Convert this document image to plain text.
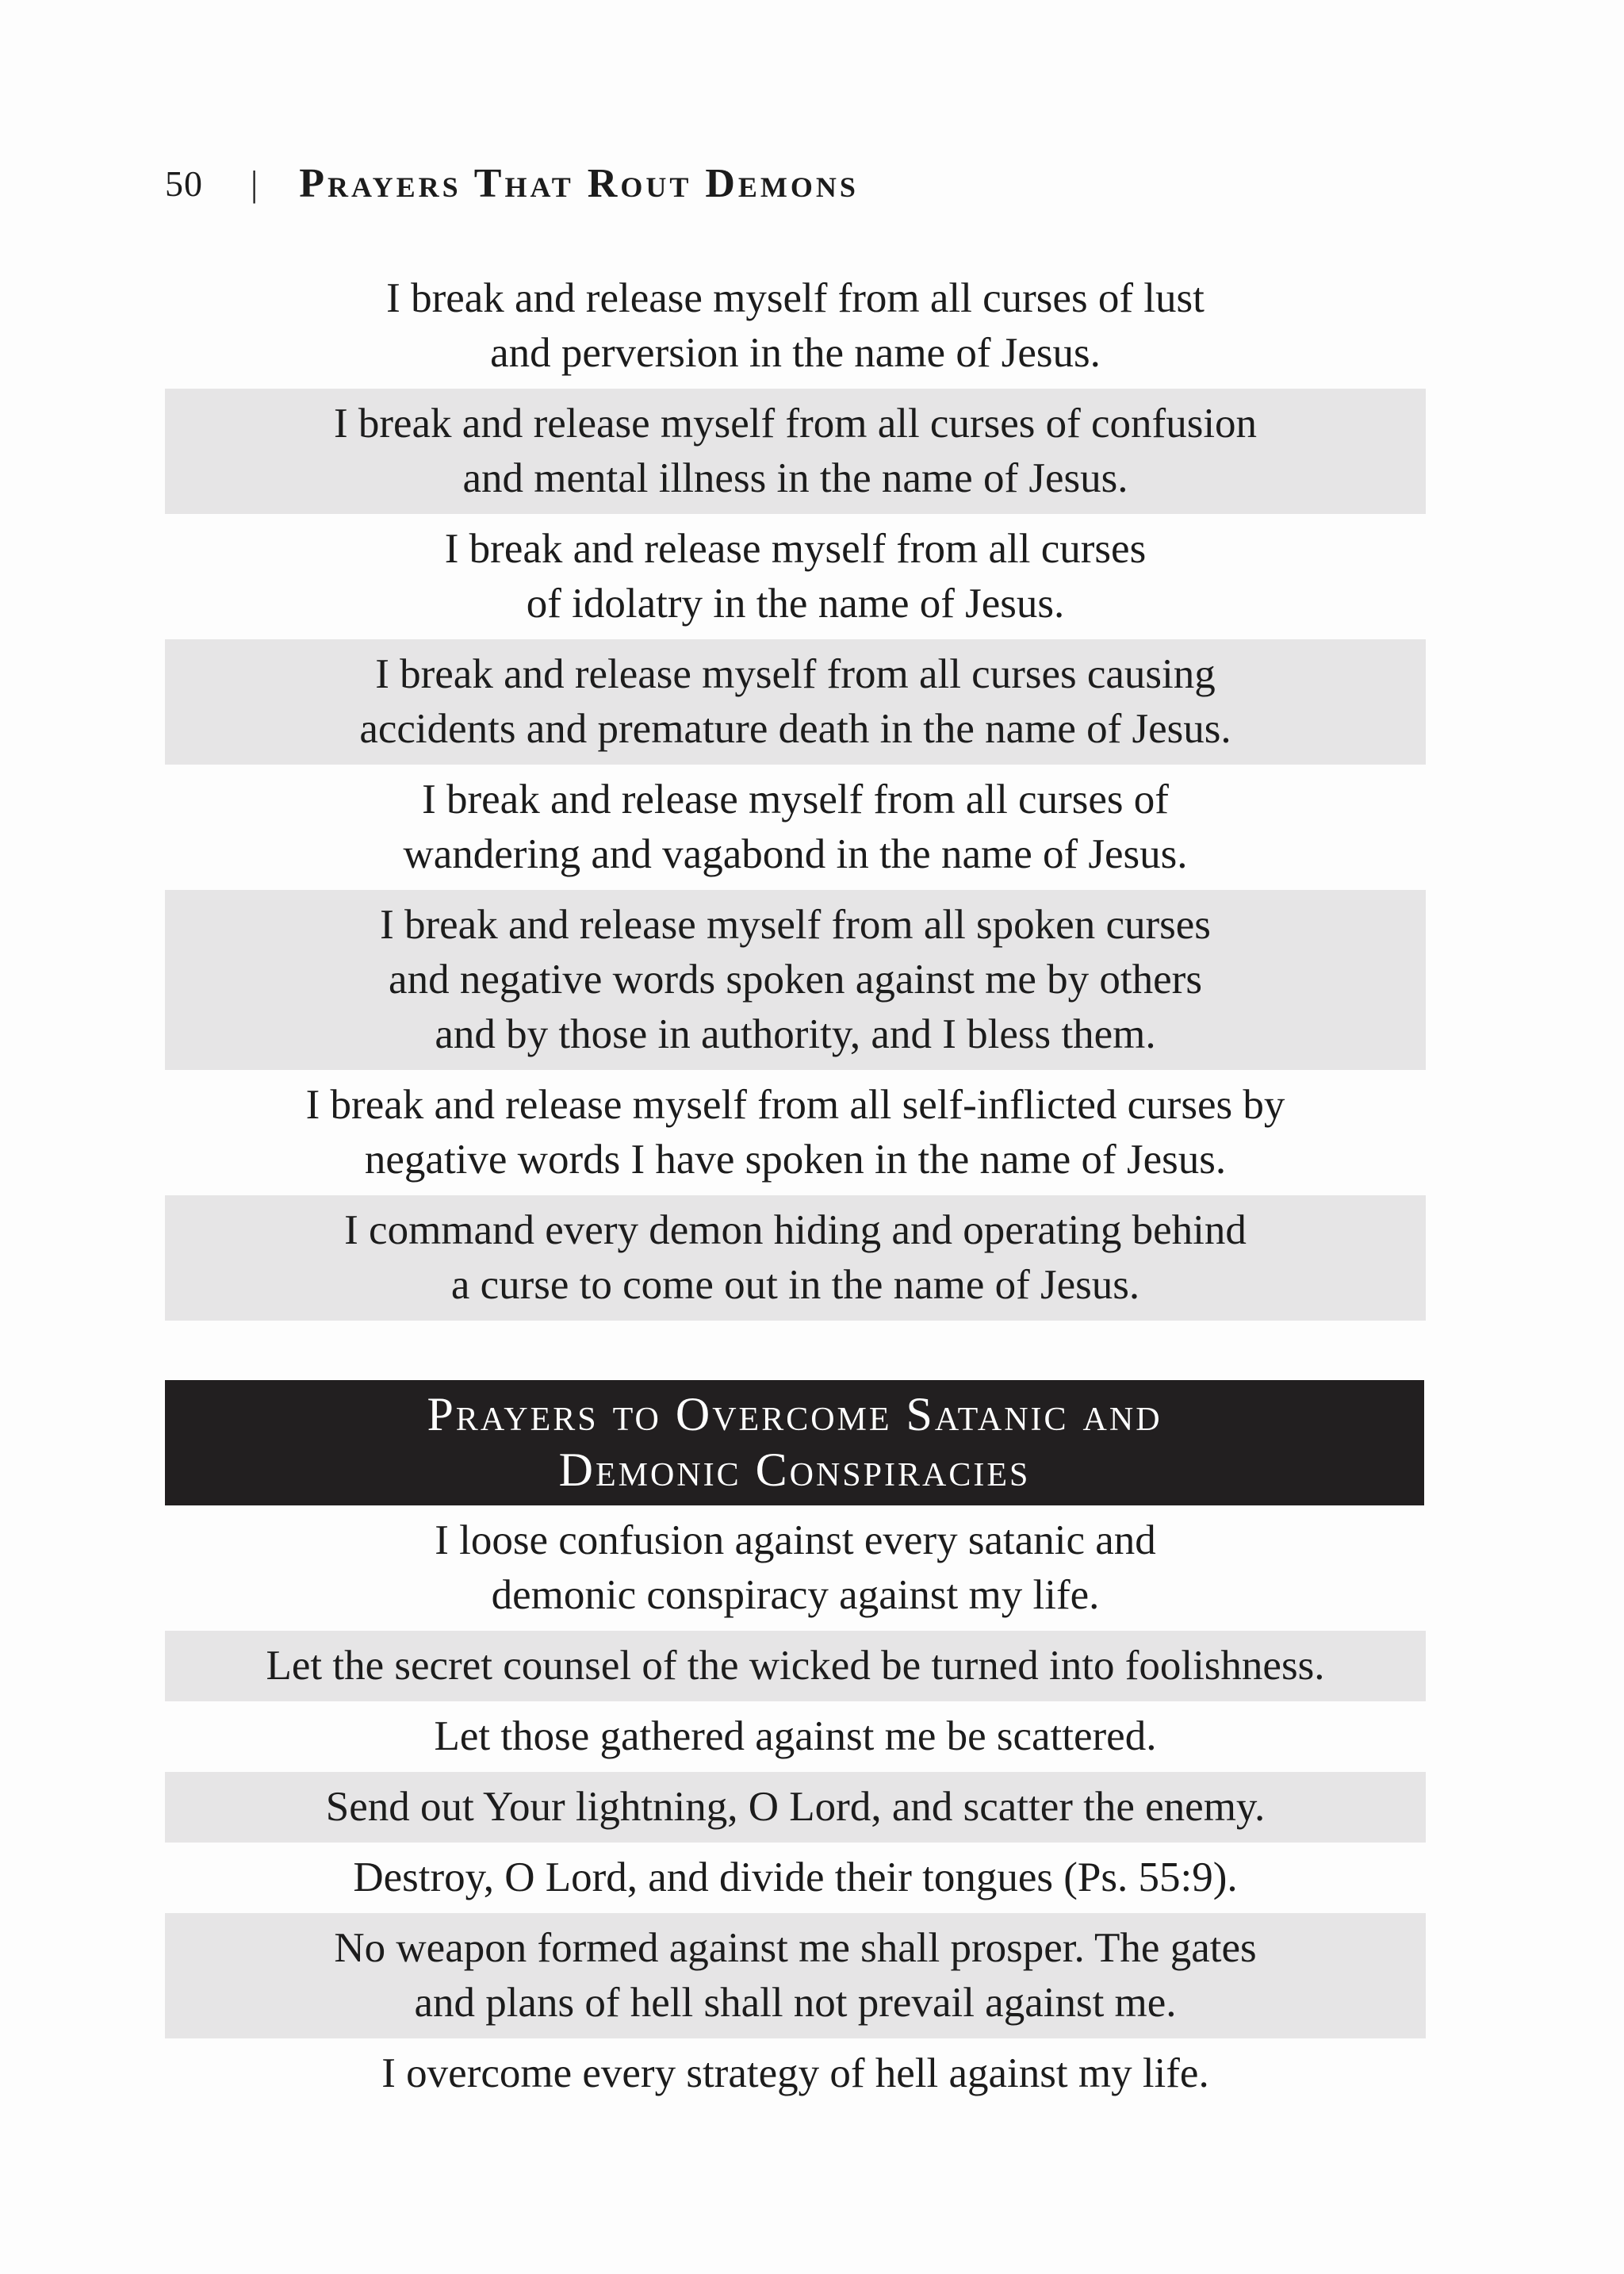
50 | Prayers That Rout Demons
I break and release myself from all curses of lust
and perversion in the name of Jesus.
I break and release myself from all curses of confusion
and mental illness in the name of Jesus.
I break and release myself from all curses
of idolatry in the name of Jesus.
I break and release myself from all curses causing
accidents and premature death in the name of Jesus.
I break and release myself from all curses of
wandering and vagabond in the name of Jesus.
I break and release myself from all spoken curses
and negative words spoken against me by others
and by those in authority, and I bless them.
I break and release myself from all self-inflicted curses by
negative words I have spoken in the name of Jesus.
I command every demon hiding and operating behind
a curse to come out in the name of Jesus.
Prayers to Overcome Satanic and
Demonic Conspiracies
I loose confusion against every satanic and
demonic conspiracy against my life.
Let the secret counsel of the wicked be turned into foolishness.
Let those gathered against me be scattered.
Send out Your lightning, O Lord, and scatter the enemy.
Destroy, O Lord, and divide their tongues (Ps. 55:9).
No weapon formed against me shall prosper. The gates
and plans of hell shall not prevail against me.
I overcome every strategy of hell against my life.
